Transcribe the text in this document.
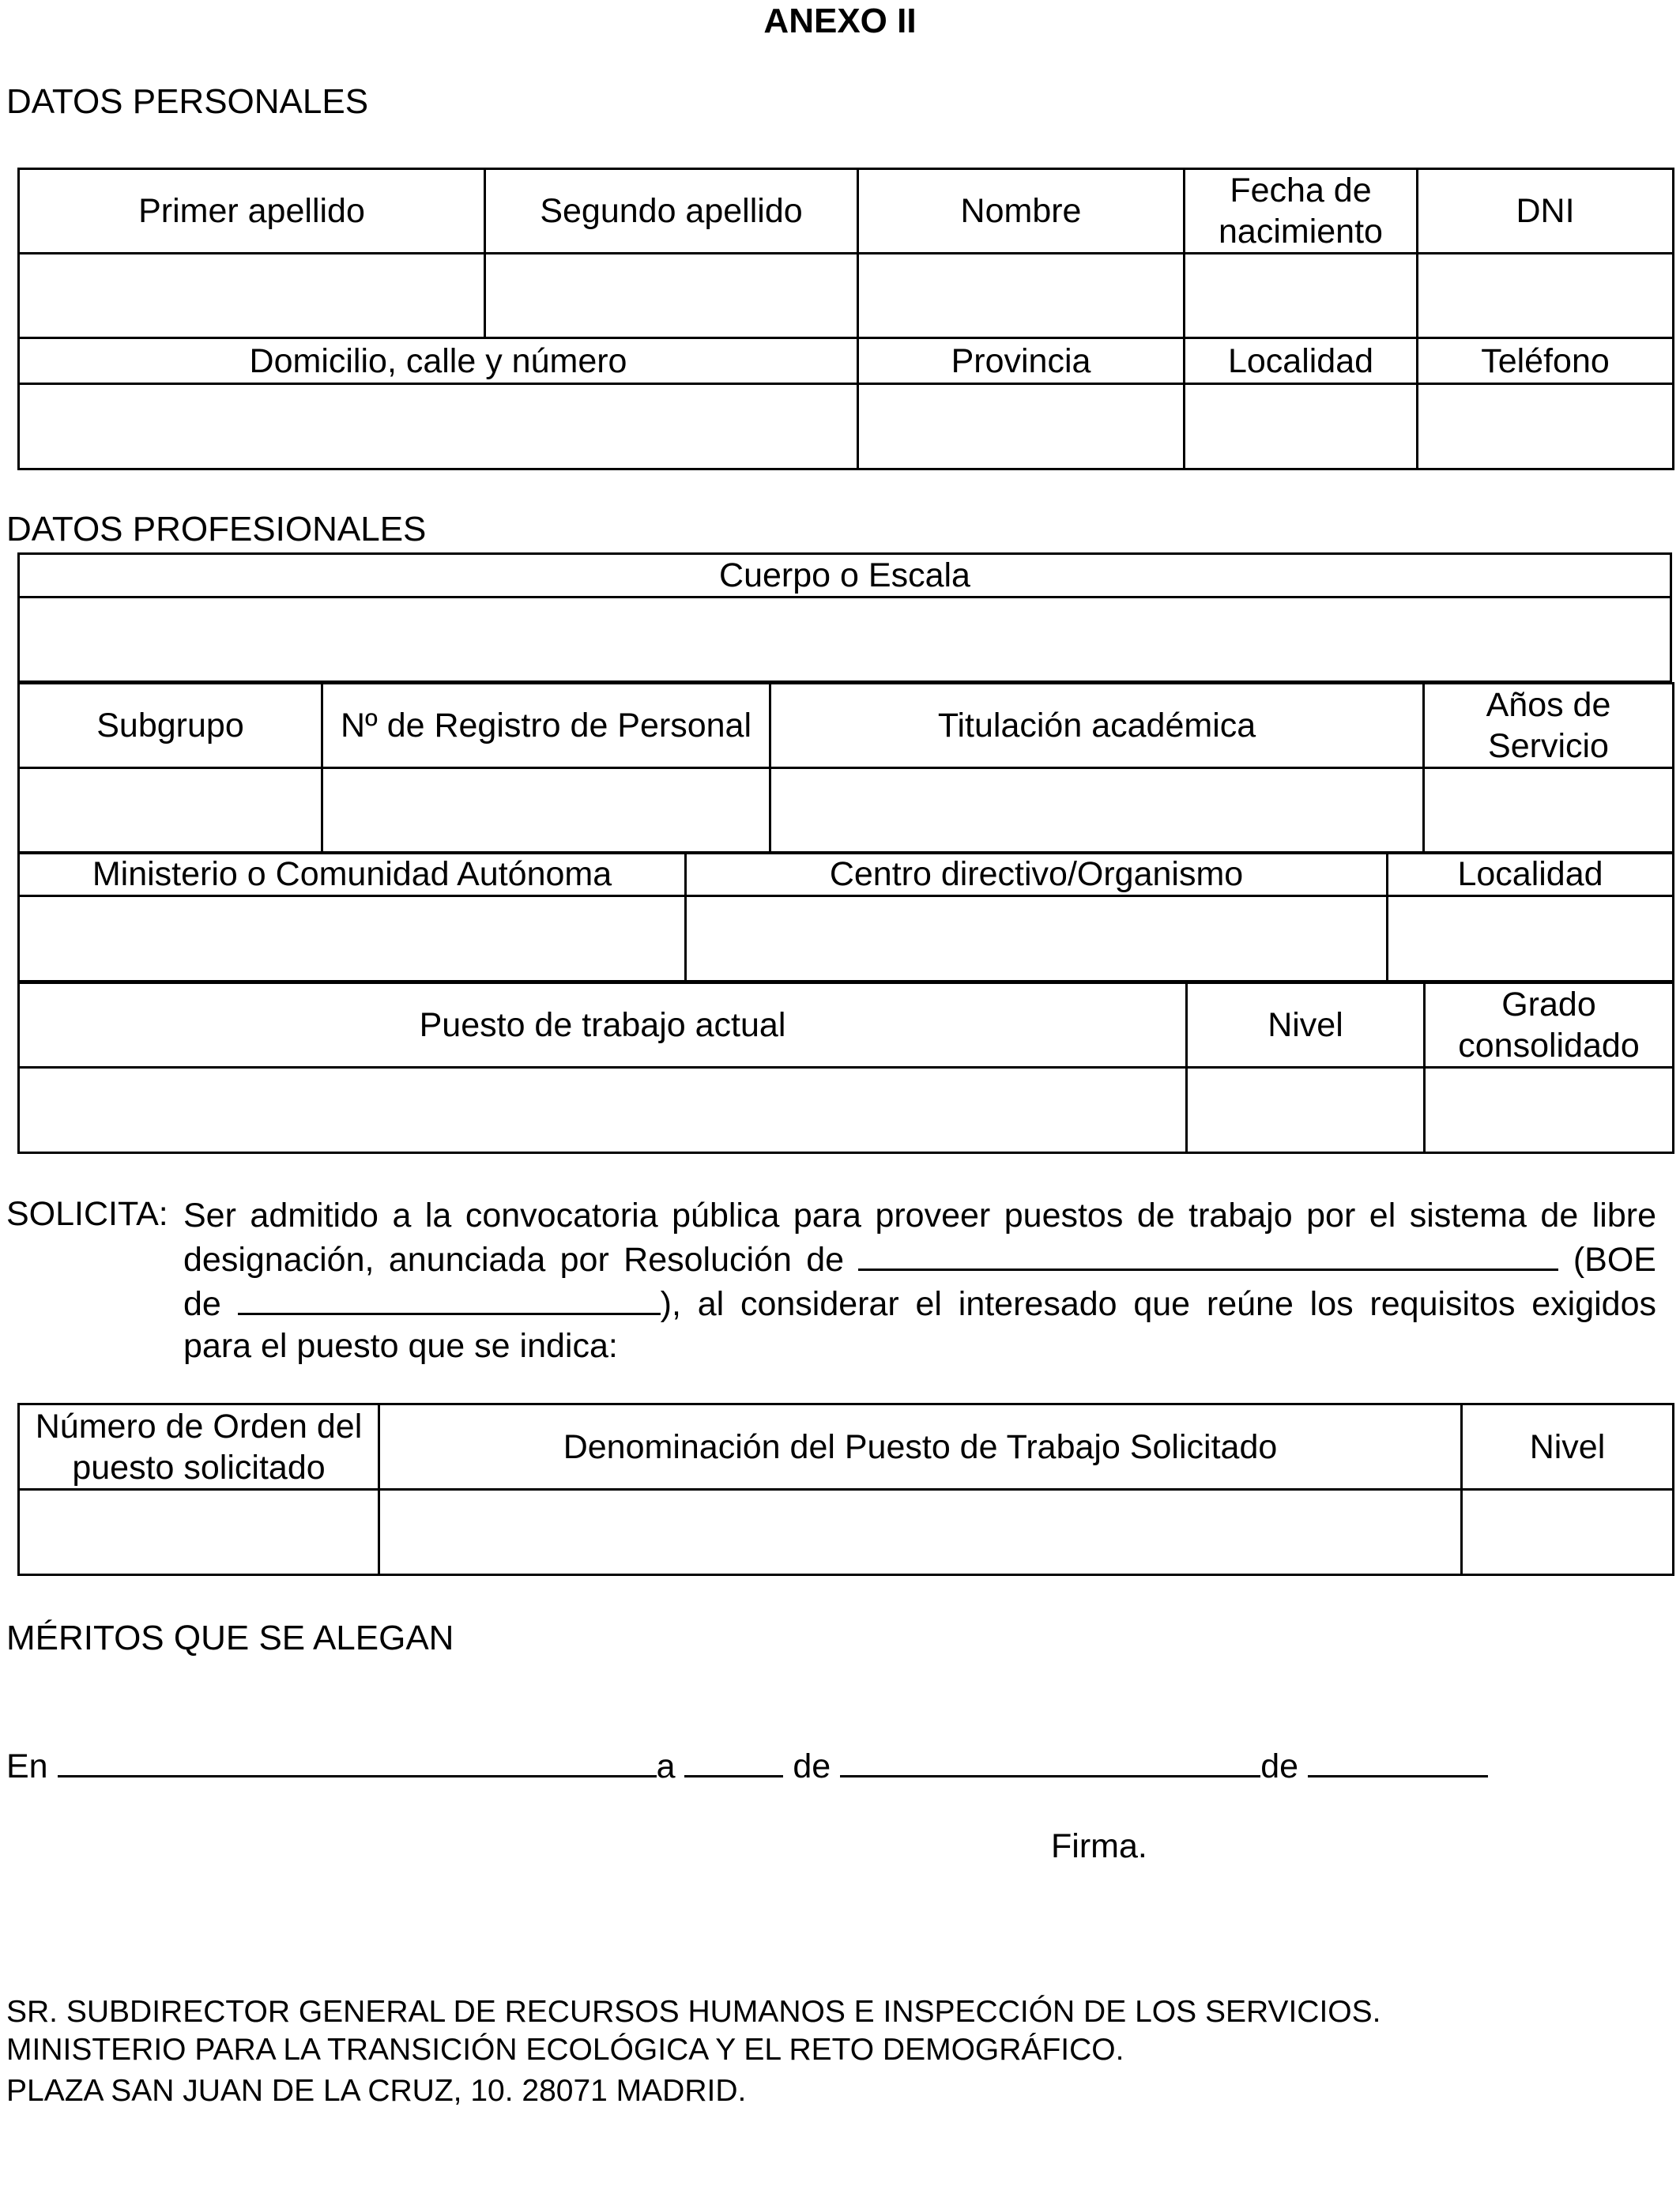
ANEXO II
DATOS PERSONALES
Primer apellido	Segundo apellido	Nombre	Fecha de nacimiento	DNI

Domicilio, calle y número		Provincia	Localidad	Teléfono

DATOS PROFESIONALES
Cuerpo o Escala

Subgrupo	Nº de Registro de Personal	Titulación académica	Años de Servicio

Ministerio o Comunidad Autónoma	Centro directivo/Organismo	Localidad

Puesto de trabajo actual	Nivel	Grado consolidado

SOLICITA: Ser admitido a la convocatoria pública para proveer puestos de trabajo por el sistema de libre designación, anunciada por Resolución de	(BOE de	), al considerar el interesado que reúne los requisitos exigidos para el puesto que se indica:
Número de Orden del puesto solicitado	Denominación del Puesto de Trabajo Solicitado	Nivel

MÉRITOS QUE SE ALEGAN
En	a	de	de
Firma.
SR. SUBDIRECTOR GENERAL DE RECURSOS HUMANOS E INSPECCIÓN DE LOS SERVICIOS.
MINISTERIO PARA LA TRANSICIÓN ECOLÓGICA Y EL RETO DEMOGRÁFICO.
PLAZA SAN JUAN DE LA CRUZ, 10. 28071 MADRID.
